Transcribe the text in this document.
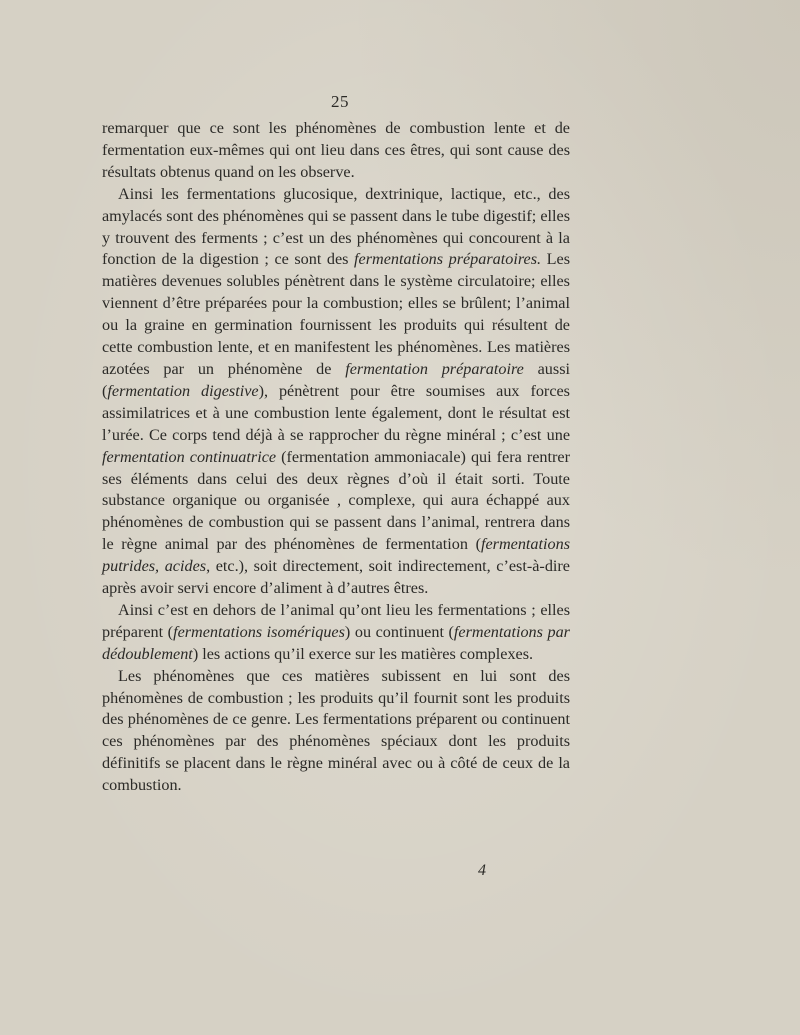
25

remarquer que ce sont les phénomènes de combustion lente et de fermentation eux-mêmes qui ont lieu dans ces êtres, qui sont cause des résultats obtenus quand on les observe.

Ainsi les fermentations glucosique, dextrinique, lactique, etc., des amylacés sont des phénomènes qui se passent dans le tube digestif; elles y trouvent des ferments ; c’est un des phénomènes qui concourent à la fonction de la digestion ; ce sont des fermentations préparatoires. Les matières devenues solubles pénètrent dans le système circulatoire; elles viennent d’être préparées pour la combustion; elles se brûlent; l’animal ou la graine en germination fournissent les produits qui résultent de cette combustion lente, et en manifestent les phénomènes. Les matières azotées par un phénomène de fermentation préparatoire aussi (fermentation digestive), pénètrent pour être soumises aux forces assimilatrices et à une combustion lente également, dont le résultat est l’urée. Ce corps tend déjà à se rapprocher du règne minéral ; c’est une fermentation continuatrice (fermentation ammoniacale) qui fera rentrer ses éléments dans celui des deux règnes d’où il était sorti. Toute substance organique ou organisée , complexe, qui aura échappé aux phénomènes de combustion qui se passent dans l’animal, rentrera dans le règne animal par des phénomènes de fermentation (fermentations putrides, acides, etc.), soit directement, soit indirectement, c’est-à-dire après avoir servi encore d’aliment à d’autres êtres.

Ainsi c’est en dehors de l’animal qu’ont lieu les fermentations ; elles préparent (fermentations isomériques) ou continuent (fermentations par dédoublement) les actions qu’il exerce sur les matières complexes.

Les phénomènes que ces matières subissent en lui sont des phénomènes de combustion ; les produits qu’il fournit sont les produits des phénomènes de ce genre. Les fermentations préparent ou continuent ces phénomènes par des phénomènes spéciaux dont les produits définitifs se placent dans le règne minéral avec ou à côté de ceux de la combustion.

4
